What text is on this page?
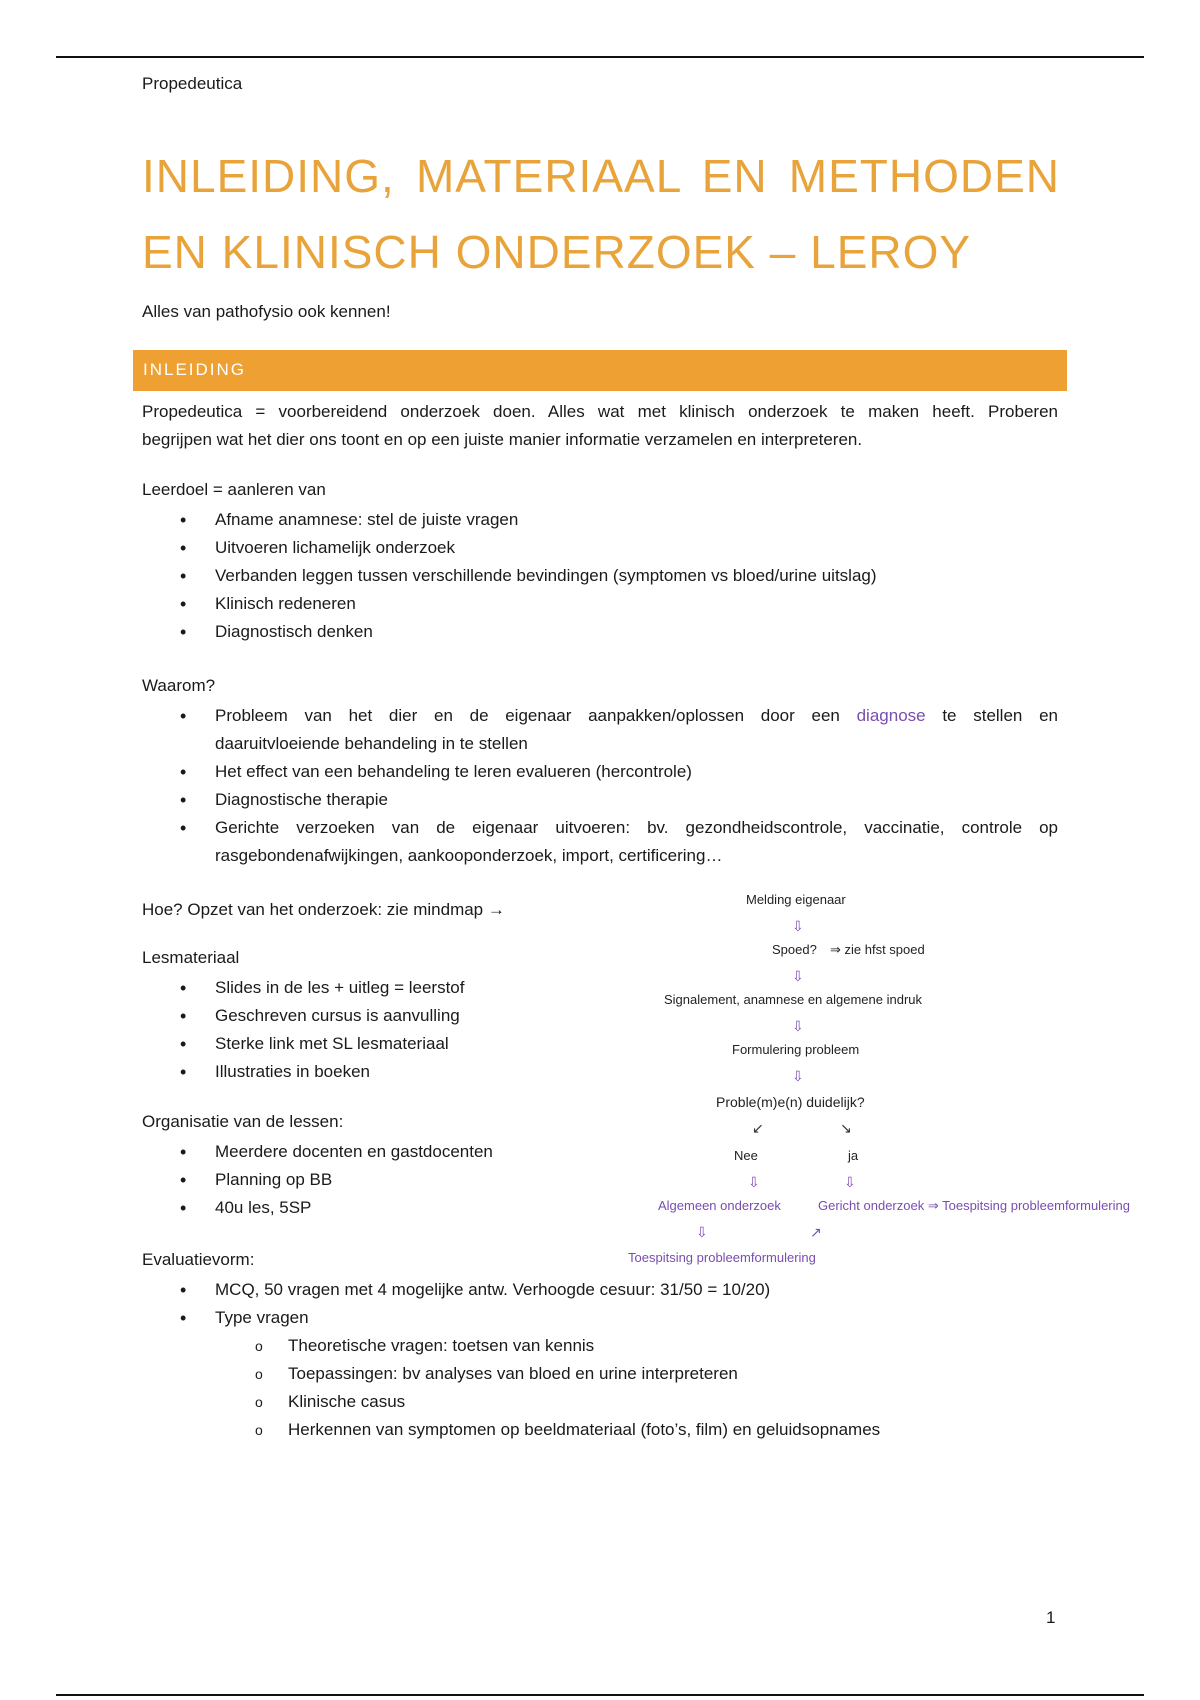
Propedeutica
INLEIDING, MATERIAAL EN METHODEN
EN KLINISCH ONDERZOEK – LEROY
Alles van pathofysio ook kennen!
INLEIDING
Propedeutica = voorbereidend onderzoek doen. Alles wat met klinisch onderzoek te maken heeft. Proberen
begrijpen wat het dier ons toont en op een juiste manier informatie verzamelen en interpreteren.
Leerdoel = aanleren van
• Afname anamnese: stel de juiste vragen
• Uitvoeren lichamelijk onderzoek
• Verbanden leggen tussen verschillende bevindingen (symptomen vs bloed/urine uitslag)
• Klinisch redeneren
• Diagnostisch denken
Waarom?
• Probleem van het dier en de eigenaar aanpakken/oplossen door een diagnose te stellen en
daaruitvloeiende behandeling in te stellen
• Het effect van een behandeling te leren evalueren (hercontrole)
• Diagnostische therapie
• Gerichte verzoeken van de eigenaar uitvoeren: bv. gezondheidscontrole, vaccinatie, controle op
rasgebondenafwijkingen, aankooponderzoek, import, certificering…
Hoe? Opzet van het onderzoek: zie mindmap →
Lesmateriaal
• Slides in de les + uitleg = leerstof
• Geschreven cursus is aanvulling
• Sterke link met SL lesmateriaal
• Illustraties in boeken
Organisatie van de lessen:
• Meerdere docenten en gastdocenten
• Planning op BB
• 40u les, 5SP
Evaluatievorm:
• MCQ, 50 vragen met 4 mogelijke antw. Verhoogde cesuur: 31/50 = 10/20)
• Type vragen
o Theoretische vragen: toetsen van kennis
o Toepassingen: bv analyses van bloed en urine interpreteren
o Klinische casus
o Herkennen van symptomen op beeldmateriaal (foto’s, film) en geluidsopnames
Melding eigenaar
⇩
Spoed? ⇒ zie hfst spoed
⇩
Signalement, anamnese en algemene indruk
⇩
Formulering probleem
⇩
Proble(m)e(n) duidelijk?
↙	↘
Nee	ja
⇩	⇩
Algemeen onderzoek	Gericht onderzoek ⇒ Toespitsing probleemformulering
⇩	↗
Toespitsing probleemformulering
1
